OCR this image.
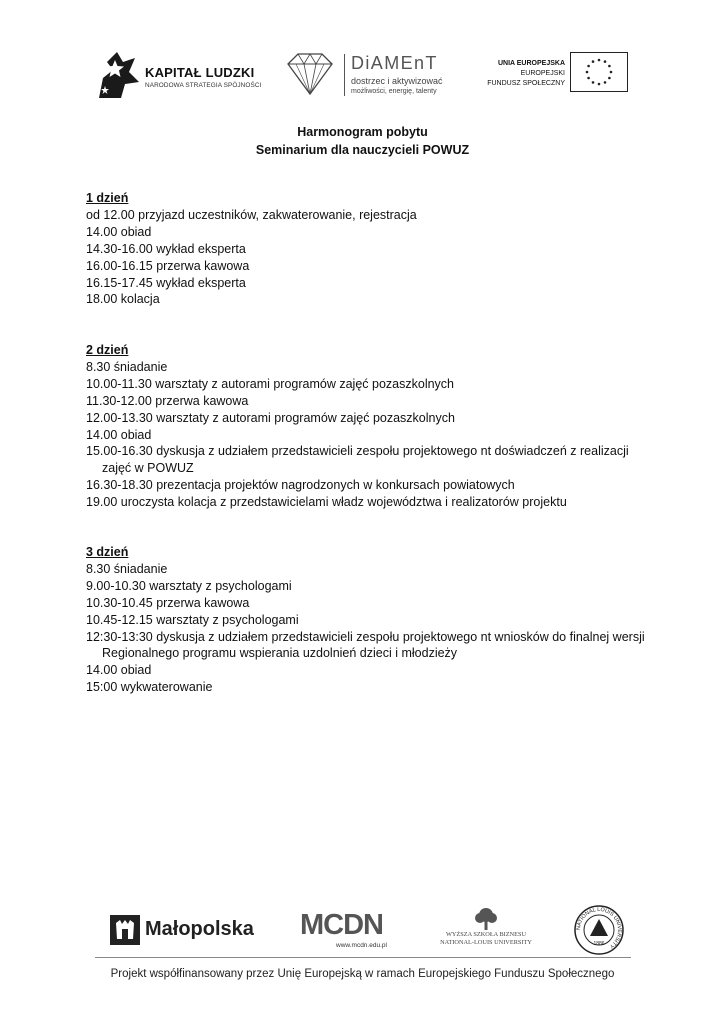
KAPITAŁ LUDZKI
NARODOWA STRATEGIA SPÓJNOŚCI
DiAMEnT
dostrzec i aktywizować
możliwości, energię, talenty
UNIA EUROPEJSKA
EUROPEJSKI
FUNDUSZ SPOŁECZNY
Harmonogram pobytu
Seminarium dla nauczycieli POWUZ
1 dzień

od 12.00 przyjazd uczestników, zakwaterowanie, rejestracja

14.00 obiad

14.30-16.00 wykład eksperta

16.00-16.15 przerwa kawowa

16.15-17.45 wykład eksperta

18.00 kolacja

2 dzień

8.30 śniadanie

10.00-11.30 warsztaty z autorami programów zajęć pozaszkolnych

11.30-12.00 przerwa kawowa

12.00-13.30 warsztaty z autorami programów zajęć pozaszkolnych

14.00 obiad

15.00-16.30 dyskusja z udziałem przedstawicieli zespołu projektowego nt doświadczeń z realizacji

zajęć w POWUZ

16.30-18.30 prezentacja projektów nagrodzonych w konkursach powiatowych

19.00 uroczysta kolacja z przedstawicielami władz województwa i realizatorów projektu

3 dzień

8.30 śniadanie

9.00-10.30 warsztaty z psychologami

10.30-10.45 przerwa kawowa

10.45-12.15 warsztaty z psychologami

12:30-13:30 dyskusja z udziałem przedstawicieli zespołu projektowego nt wniosków do finalnej wersji

Regionalnego programu wspierania uzdolnień dzieci i młodzieży

14.00 obiad

15:00 wykwaterowanie

Małopolska MCDN
www.mcdn.edu.pl
WYŻSZA SZKOŁA BIZNESU
NATIONAL-LOUIS UNIVERSITY
NATIONAL LOUIS UNIVERSITY
1886
Projekt współfinansowany przez Unię Europejską w ramach Europejskiego Funduszu Społecznego
